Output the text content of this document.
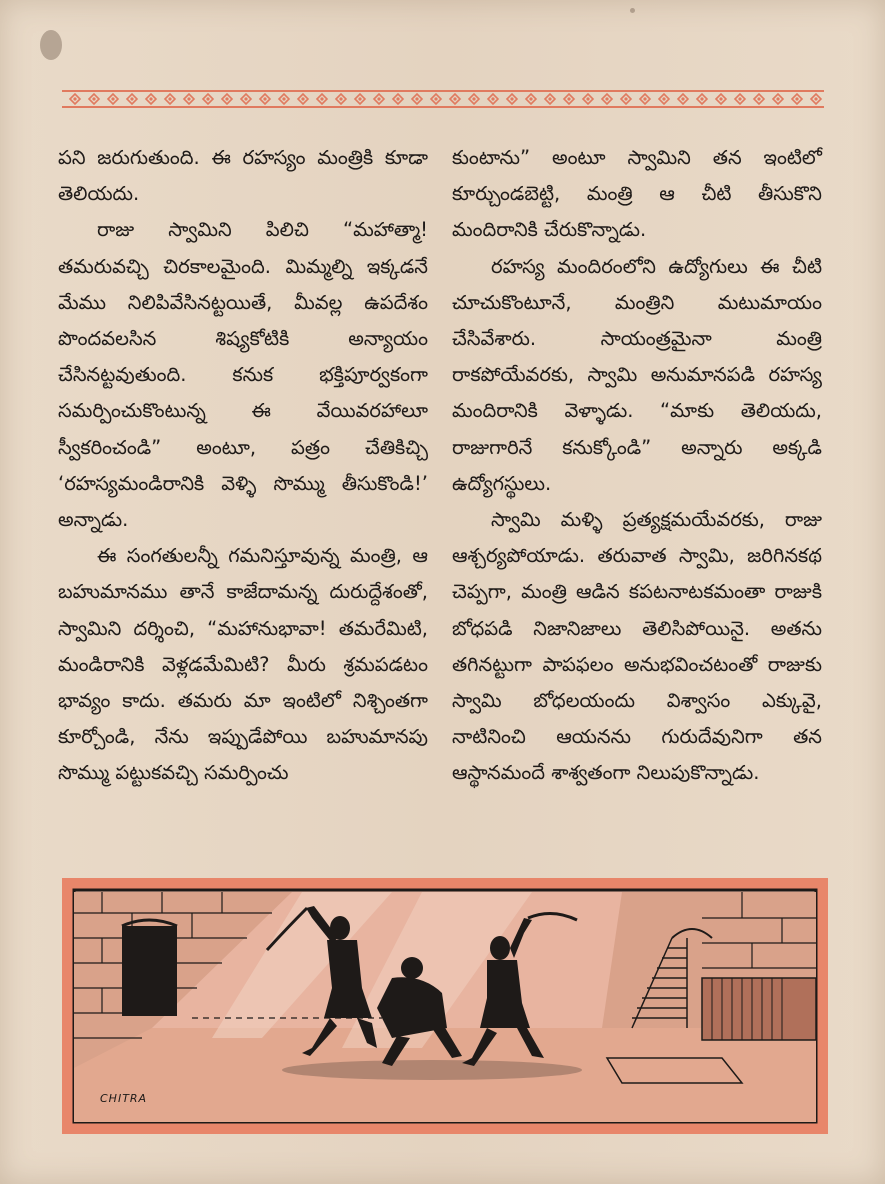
పని జరుగుతుంది. ఈ రహస్యం మంత్రికి కూడా తెలియదు.

రాజు స్వామిని పిలిచి “మహాత్మా! తమరువచ్చి చిరకాలమైంది. మిమ్మల్ని ఇక్కడనే మేము నిలిపివేసినట్టయితే, మీవల్ల ఉపదేశం పొందవలసిన శిష్యకోటికి అన్యాయం చేసినట్టవుతుంది. కనుక భక్తిపూర్వకంగా సమర్పించుకొంటున్న ఈ వేయివరహాలూ స్వీకరించండి” అంటూ, పత్రం చేతికిచ్చి ‘రహస్యమండిరానికి వెళ్ళి సొమ్ము తీసుకొండి!’ అన్నాడు.

ఈ సంగతులన్నీ గమనిస్తూవున్న మంత్రి, ఆ బహుమానము తానే కాజేదామన్న దురుద్దేశంతో, స్వామిని దర్శించి, “మహానుభావా! తమరేమిటి, మండిరానికి వెళ్లడమేమిటి? మీరు శ్రమపడటం భావ్యం కాదు. తమరు మా ఇంటిలో నిశ్చింతగా కూర్చోండి, నేను ఇప్పుడేపోయి బహుమానపు సొమ్ము పట్టుకవచ్చి సమర్పించు

కుంటాను” అంటూ స్వామిని తన ఇంటిలో కూర్చుండబెట్టి, మంత్రి ఆ చీటి తీసుకొని మందిరానికి చేరుకొన్నాడు.

రహస్య మందిరంలోని ఉద్యోగులు ఈ చీటి చూచుకొంటూనే, మంత్రిని మటుమాయం చేసివేశారు. సాయంత్రమైనా మంత్రి రాకపోయేవరకు, స్వామి అనుమానపడి రహస్య మందిరానికి వెళ్ళాడు. “మాకు తెలియదు, రాజుగారినే కనుక్కోండి” అన్నారు అక్కడి ఉద్యోగస్థులు.

స్వామి మళ్ళి ప్రత్యక్షమయేవరకు, రాజు ఆశ్చర్యపోయాడు. తరువాత స్వామి, జరిగినకథ చెప్పగా, మంత్రి ఆడిన కపటనాటకమంతా రాజుకి బోధపడి నిజానిజాలు తెలిసిపోయినై. అతను తగినట్టుగా పాపఫలం అనుభవించటంతో రాజుకు స్వామి బోధలయందు విశ్వాసం ఎక్కువై, నాటినించి ఆయనను గురుదేవునిగా తన ఆస్థానమందే శాశ్వతంగా నిలుపుకొన్నాడు.

CHITRA
